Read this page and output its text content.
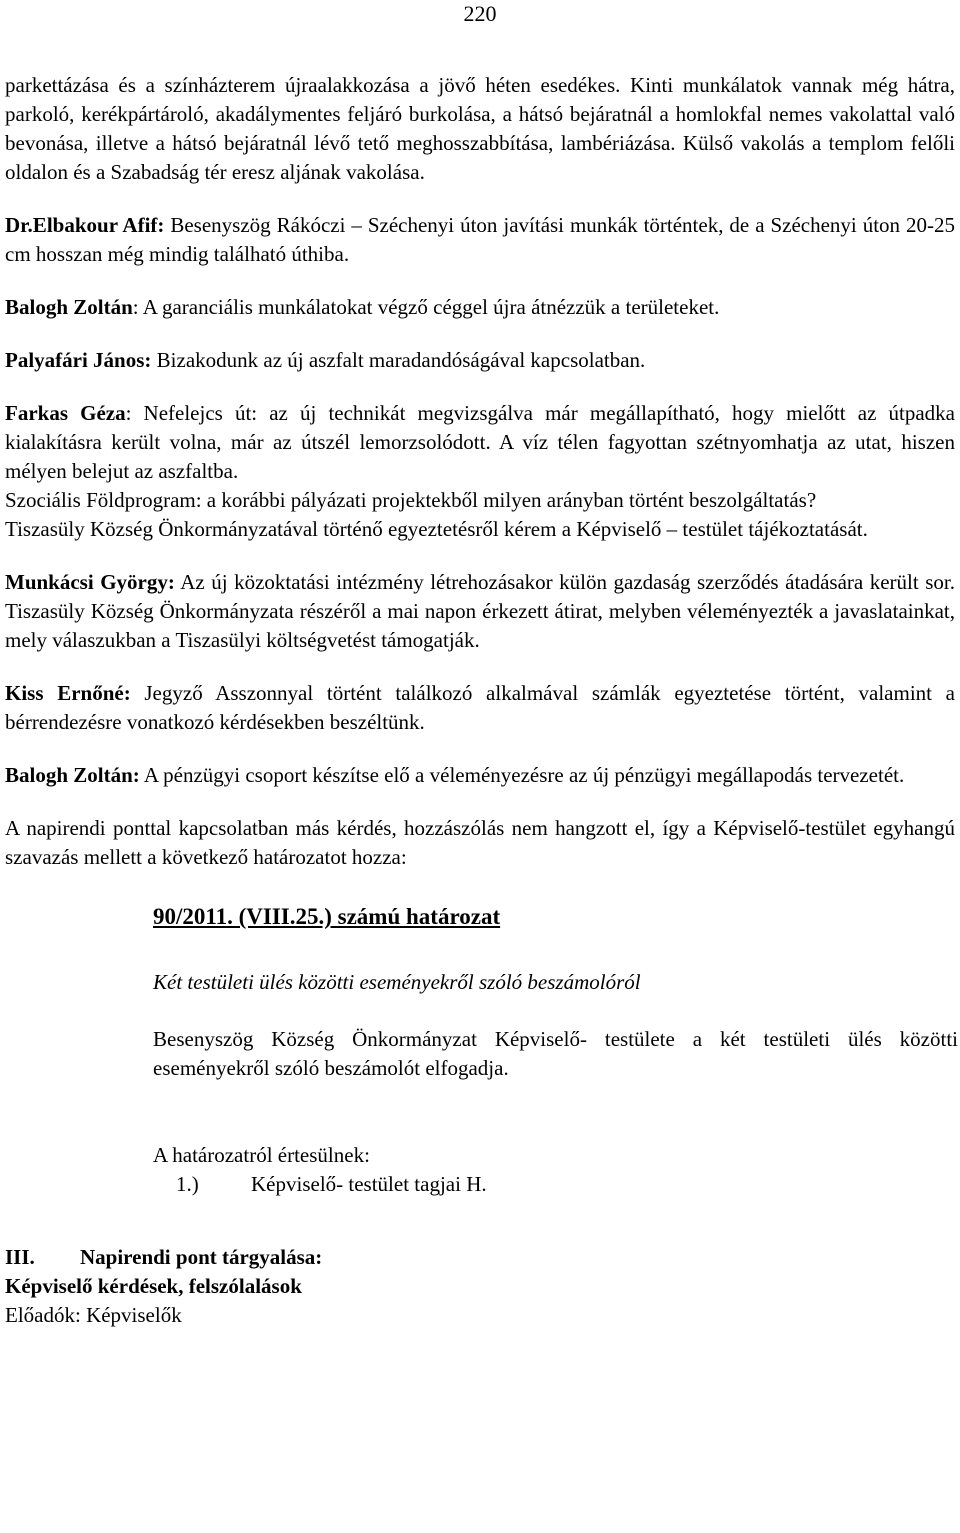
220

parkettázása és a színházterem újraalakkozása a jövő héten esedékes. Kinti munkálatok vannak még hátra, parkoló, kerékpártároló, akadálymentes feljáró burkolása, a hátsó bejáratnál a homlokfal nemes vakolattal való bevonása, illetve a hátsó bejáratnál lévő tető meghosszabbítása, lambériázása. Külső vakolás a templom felőli oldalon és a Szabadság tér eresz aljának vakolása.

Dr.Elbakour Afif: Besenyszög Rákóczi – Széchenyi úton javítási munkák történtek, de a Széchenyi úton 20-25 cm hosszan még mindig található úthiba.

Balogh Zoltán: A garanciális munkálatokat végző céggel újra átnézzük a területeket.

Palyafári János: Bizakodunk az új aszfalt maradandóságával kapcsolatban.

Farkas Géza: Nefelejcs út: az új technikát megvizsgálva már megállapítható, hogy mielőtt az útpadka kialakításra került volna, már az útszél lemorzsolódott. A víz télen fagyottan szétnyomhatja az utat, hiszen mélyen belejut az aszfaltba.

Szociális Földprogram: a korábbi pályázati projektekből milyen arányban történt beszolgáltatás?

Tiszasüly Község Önkormányzatával történő egyeztetésről kérem a Képviselő – testület tájékoztatását.

Munkácsi György: Az új közoktatási intézmény létrehozásakor külön gazdaság szerződés átadására került sor. Tiszasüly Község Önkormányzata részéről a mai napon érkezett átirat, melyben véleményezték a javaslatainkat, mely válaszukban a Tiszasülyi költségvetést támogatják.

Kiss Ernőné: Jegyző Asszonnyal történt találkozó alkalmával számlák egyeztetése történt, valamint a bérrendezésre vonatkozó kérdésekben beszéltünk.

Balogh Zoltán: A pénzügyi csoport készítse elő a véleményezésre az új pénzügyi megállapodás tervezetét.

A napirendi ponttal kapcsolatban más kérdés, hozzászólás nem hangzott el, így a Képviselő-testület egyhangú szavazás mellett a következő határozatot hozza:

90/2011. (VIII.25.) számú határozat
Két testületi ülés közötti eseményekről szóló beszámolóról

Besenyszög Község Önkormányzat Képviselő- testülete a két testületi ülés közötti eseményekről szóló beszámolót elfogadja.

A határozatról értesülnek:
1.) Képviselő- testület tagjai H.
III. Napirendi pont tárgyalása:
Képviselő kérdések, felszólalások
Előadók: Képviselők
